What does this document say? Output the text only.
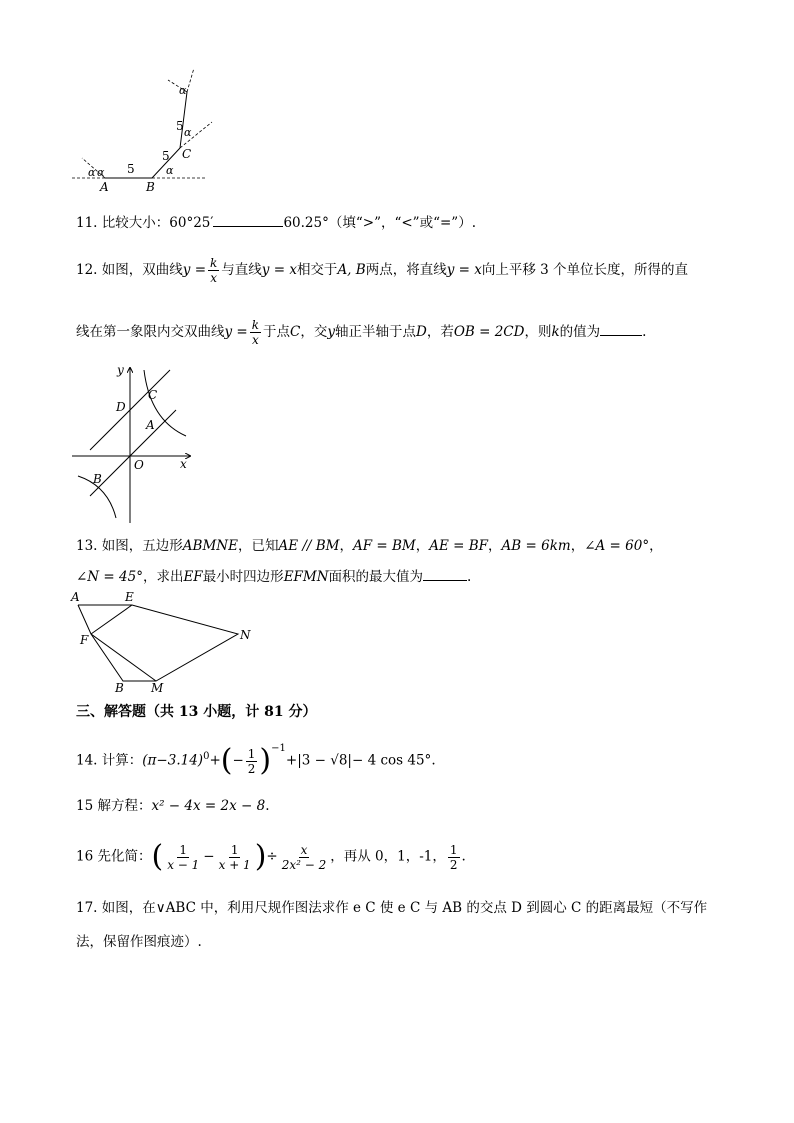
α
α
α
α α 5
5
5
A	B
C
11. 比较大小：60°25′	60.25°（填“>”，“<”或“=”）.
12. 如图，双曲线$y = \frac{k}{x}$ 与直线y = x相交于A, B两点，将直线y = x向上平移 3 个单位长度，所得的直
线在第一象限内交双曲线$y = \frac{k}{x}$ 于点C，交y轴正半轴于点D，若OB = 2CD，则k的值为	.
y
x
O
A
B
C
D
13. 如图，五边形ABMNE，已知AE // BM，AF = BM，AE = BF，AB = 6km，∠A = 60°，
∠N = 45°，求出EF最小时四边形EFMN面积的最大值为	.
A	E
F	N
B M
三、解答题（共 13 小题，计 81 分）
14. 计算：$(\pi-3.14)^0+(- \frac{1}{2} )^{-1}+|3 - √8|- 4$ cos 45°.
15 解方程：x² − 4x = 2x − 8.
16 先化简：( $\frac{1}{x - 1} - \frac{1}{x + 1}$ )÷ $\frac{x}{\text{2x² − 2}}$ ，再从 0，1，-1， $\frac{1}{2}$ .
17. 如图，在∨ABC 中，利用尺规作图法求作 e C 使 e C 与 AB 的交点 D 到圆心 C 的距离最短（不写作
法，保留作图痕迹）.
